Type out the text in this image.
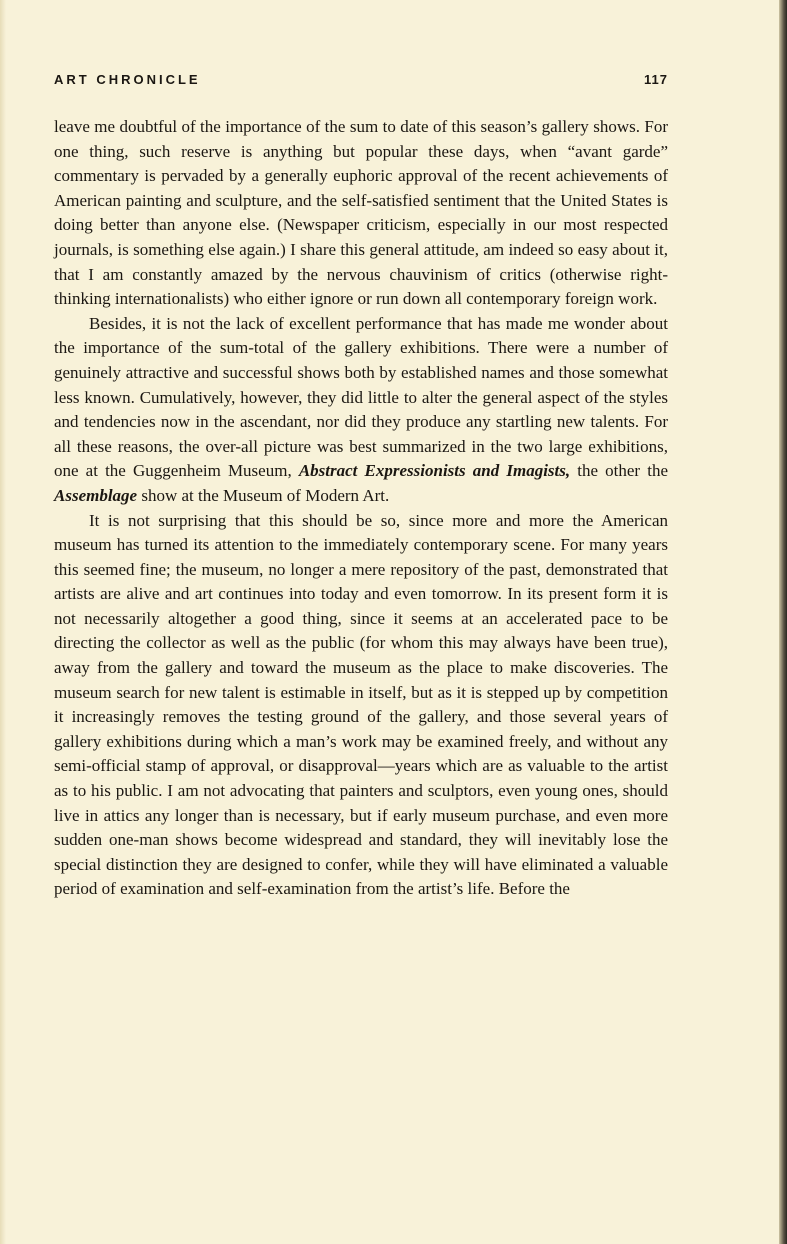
ART CHRONICLE	117

leave me doubtful of the importance of the sum to date of this season’s gallery shows. For one thing, such reserve is anything but popular these days, when “avant garde” commentary is pervaded by a generally euphoric approval of the recent achievements of American painting and sculpture, and the self-satisfied sentiment that the United States is doing better than anyone else. (Newspaper criticism, especially in our most respected journals, is something else again.) I share this general attitude, am indeed so easy about it, that I am constantly amazed by the nervous chauvinism of critics (otherwise right-thinking internationalists) who either ignore or run down all contemporary foreign work.

Besides, it is not the lack of excellent performance that has made me wonder about the importance of the sum-total of the gallery exhibitions. There were a number of genuinely attractive and successful shows both by established names and those somewhat less known. Cumulatively, however, they did little to alter the general aspect of the styles and tendencies now in the ascendant, nor did they produce any startling new talents. For all these reasons, the over-all picture was best summarized in the two large exhibitions, one at the Guggenheim Museum, Abstract Expressionists and Imagists, the other the Assemblage show at the Museum of Modern Art.

It is not surprising that this should be so, since more and more the American museum has turned its attention to the immediately contemporary scene. For many years this seemed fine; the museum, no longer a mere repository of the past, demonstrated that artists are alive and art continues into today and even tomorrow. In its present form it is not necessarily altogether a good thing, since it seems at an accelerated pace to be directing the collector as well as the public (for whom this may always have been true), away from the gallery and toward the museum as the place to make discoveries. The museum search for new talent is estimable in itself, but as it is stepped up by competition it increasingly removes the testing ground of the gallery, and those several years of gallery exhibitions during which a man’s work may be examined freely, and without any semi-official stamp of approval, or disapproval—years which are as valuable to the artist as to his public. I am not advocating that painters and sculptors, even young ones, should live in attics any longer than is necessary, but if early museum purchase, and even more sudden one-man shows become widespread and standard, they will inevitably lose the special distinction they are designed to confer, while they will have eliminated a valuable period of examination and self-examination from the artist’s life. Before the
